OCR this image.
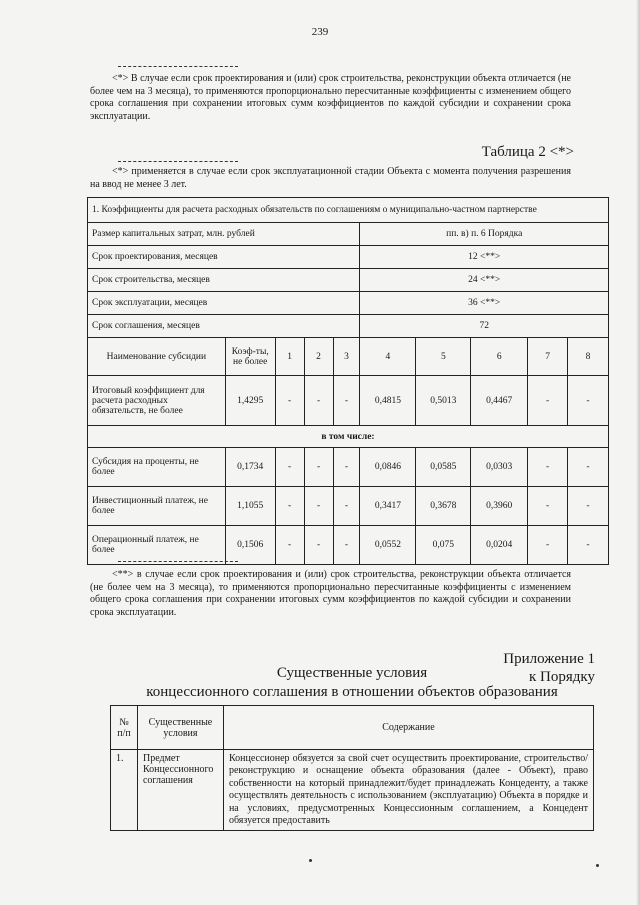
239
<*> В случае если срок проектирования и (или) срок строительства, реконструкции объекта отличается (не более чем на 3 месяца), то применяются пропорционально пересчитанные коэффициенты с изменением общего срока соглашения при сохранении итоговых сумм коэффициентов по каждой субсидии и сохранении срока эксплуатации.
Таблица 2 <*>
<*> применяется в случае если срок эксплуатационной стадии Объекта с момента получения разрешения на ввод не менее 3 лет.
1. Коэффициенты для расчета расходных обязательств по соглашениям о муниципально-частном партнерстве									
Размер капитальных затрат, млн. рублей					пп. в) п. 6 Порядка				
Срок проектирования, месяцев					12 <**>				
Срок строительства, месяцев					24 <**>				
Срок эксплуатации, месяцев					36 <**>				
Срок соглашения, месяцев					72				
Наименование субсидии	Коэф-ты, не более	1	2	3	4	5	6	7	8
Итоговый коэффициент для расчета расходных обязательств, не более	1,4295	-	-	-	0,4815	0,5013	0,4467	-	-
в том числе:									
Субсидия на проценты, не более	0,1734	-	-	-	0,0846	0,0585	0,0303	-	-
Инвестиционный платеж, не более	1,1055	-	-	-	0,3417	0,3678	0,3960	-	-
Операционный платеж, не более	0,1506	-	-	-	0,0552	0,075	0,0204	-	-
<**> в случае если срок проектирования и (или) срок строительства, реконструкции объекта отличается (не более чем на 3 месяца), то применяются пропорционально пересчитанные коэффициенты с изменением общего срока соглашения при сохранении итоговых сумм коэффициентов по каждой субсидии и сохранении срока эксплуатации.
Приложение 1
к Порядку
Существенные условия
концессионного соглашения в отношении объектов образования
№ п/п	Существенные условия	Содержание
1.	Предмет Концессионного соглашения	Концессионер обязуется за свой счет осуществить проектирование, строительство/реконструкцию и оснащение объекта образования (далее - Объект), право собственности на который принадлежит/будет принадлежать Концеденту, а также осуществлять деятельность с использованием (эксплуатацию) Объекта в порядке и на условиях, предусмотренных Концессионным соглашением, а Концедент обязуется предоставить
